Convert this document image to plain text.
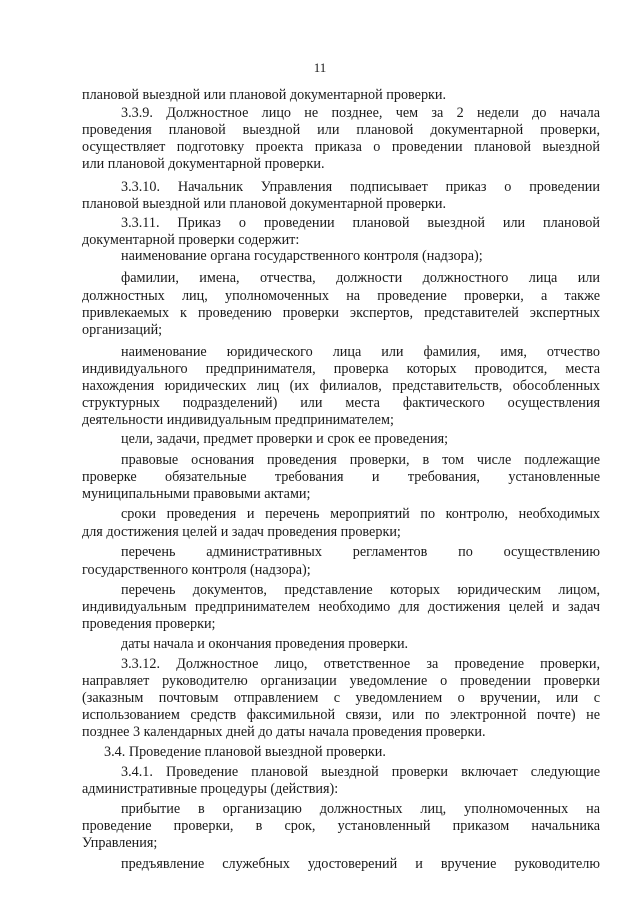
11
плановой выездной или плановой документарной проверки.
3.3.9. Должностное лицо не позднее, чем за 2 недели до начала
проведения плановой выездной или плановой документарной проверки,
осуществляет подготовку проекта приказа о проведении плановой выездной
или плановой документарной проверки.
3.3.10. Начальник Управления подписывает приказ о проведении
плановой выездной или плановой документарной проверки.
3.3.11. Приказ о проведении плановой выездной или плановой
документарной проверки содержит:
наименование органа государственного контроля (надзора);
фамилии, имена, отчества, должности должностного лица или
должностных лиц, уполномоченных на проведение проверки, а также
привлекаемых к проведению проверки экспертов, представителей экспертных
организаций;
наименование юридического лица или фамилия, имя, отчество
индивидуального предпринимателя, проверка которых проводится, места
нахождения юридических лиц (их филиалов, представительств, обособленных
структурных подразделений) или места фактического осуществления
деятельности индивидуальным предпринимателем;
цели, задачи, предмет проверки и срок ее проведения;
правовые основания проведения проверки, в том числе подлежащие
проверке обязательные требования и требования, установленные
муниципальными правовыми актами;
сроки проведения и перечень мероприятий по контролю, необходимых
для достижения целей и задач проведения проверки;
перечень административных регламентов по осуществлению
государственного контроля (надзора);
перечень документов, представление которых юридическим лицом,
индивидуальным предпринимателем необходимо для достижения целей и задач
проведения проверки;
даты начала и окончания проведения проверки.
3.3.12. Должностное лицо, ответственное за проведение проверки,
направляет руководителю организации уведомление о проведении проверки
(заказным почтовым отправлением с уведомлением о вручении, или с
использованием средств факсимильной связи, или по электронной почте) не
позднее 3 календарных дней до даты начала проведения проверки.
3.4. Проведение плановой выездной проверки.
3.4.1. Проведение плановой выездной проверки включает следующие
административные процедуры (действия):
прибытие в организацию должностных лиц, уполномоченных на
проведение проверки, в срок, установленный приказом начальника
Управления;
предъявление служебных удостоверений и вручение руководителю
